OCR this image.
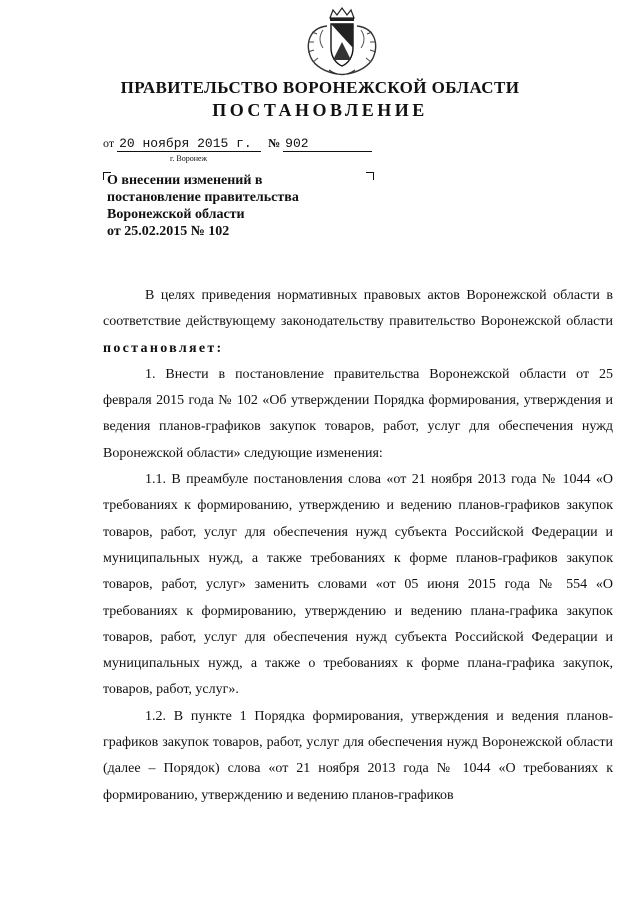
ПРАВИТЕЛЬСТВО ВОРОНЕЖСКОЙ ОБЛАСТИ
ПОСТАНОВЛЕНИЕ
от 20 ноября 2015 г. № 902
г. Воронеж
О внесении изменений в
постановление правительства
Воронежской области
от 25.02.2015 № 102

В целях приведения нормативных правовых актов Воронежской области в соответствие действующему законодательству правительство Воронежской области постановляет:

1. Внести в постановление правительства Воронежской области от 25 февраля 2015 года № 102 «Об утверждении Порядка формирования, утверждения и ведения планов-графиков закупок товаров, работ, услуг для обеспечения нужд Воронежской области» следующие изменения:

1.1. В преамбуле постановления слова «от 21 ноября 2013 года № 1044 «О требованиях к формированию, утверждению и ведению планов-графиков закупок товаров, работ, услуг для обеспечения нужд субъекта Российской Федерации и муниципальных нужд, а также требованиях к форме планов-графиков закупок товаров, работ, услуг» заменить словами «от 05 июня 2015 года № 554 «О требованиях к формированию, утверждению и ведению плана-графика закупок товаров, работ, услуг для обеспечения нужд субъекта Российской Федерации и муниципальных нужд, а также о требованиях к форме плана-графика закупок, товаров, работ, услуг».

1.2. В пункте 1 Порядка формирования, утверждения и ведения планов-графиков закупок товаров, работ, услуг для обеспечения нужд Воронежской области (далее – Порядок) слова «от 21 ноября 2013 года № 1044 «О требованиях к формированию, утверждению и ведению планов-графиков
